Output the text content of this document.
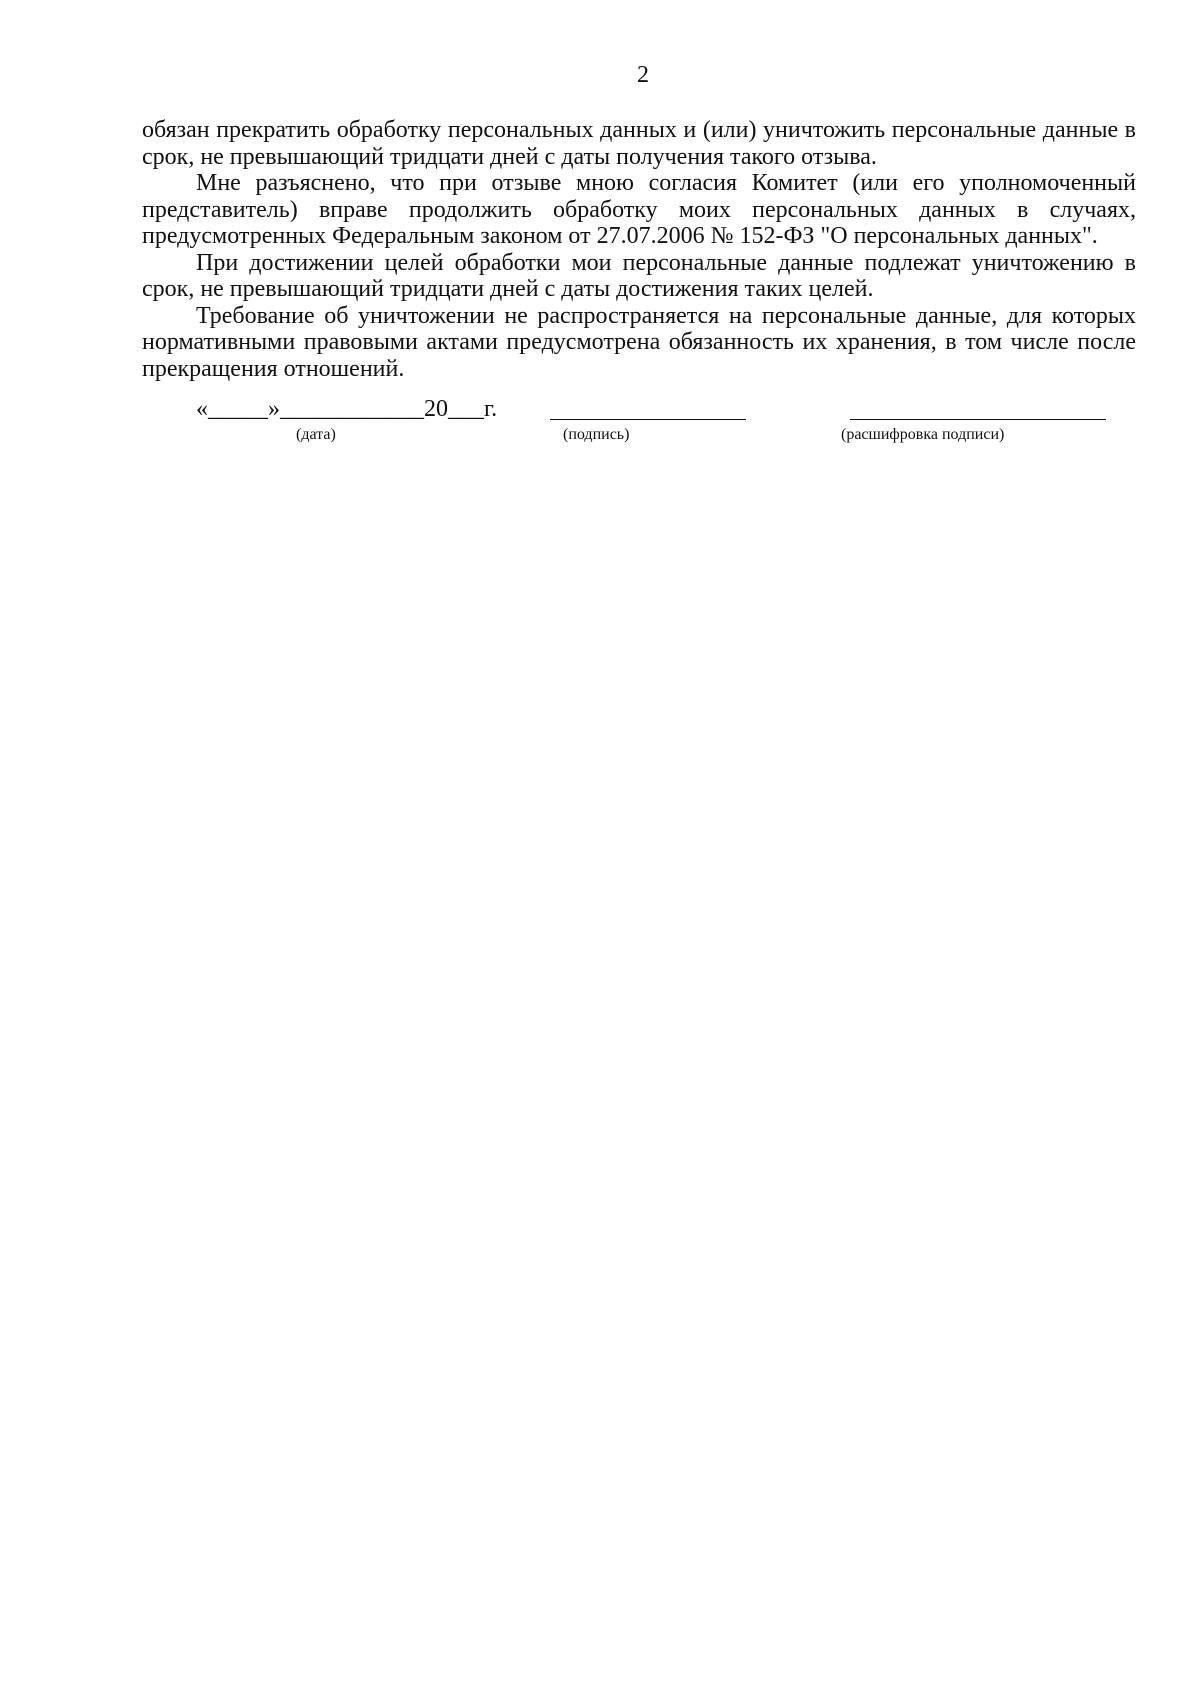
2

обязан прекратить обработку персональных данных и (или) уничтожить персональные данные в срок, не превышающий тридцати дней с даты получения такого отзыва.

Мне разъяснено, что при отзыве мною согласия Комитет (или его уполномоченный представитель) вправе продолжить обработку моих персональных данных в случаях, предусмотренных Федеральным законом от 27.07.2006 № 152-ФЗ "О персональных данных".

При достижении целей обработки мои персональные данные подлежат уничтожению в срок, не превышающий тридцати дней с даты достижения таких целей.

Требование об уничтожении не распространяется на персональные данные, для которых нормативными правовыми актами предусмотрена обязанность их хранения, в том числе после прекращения отношений.

«_____»____________20___г.
(дата)	(подпись)	(расшифровка подписи)
